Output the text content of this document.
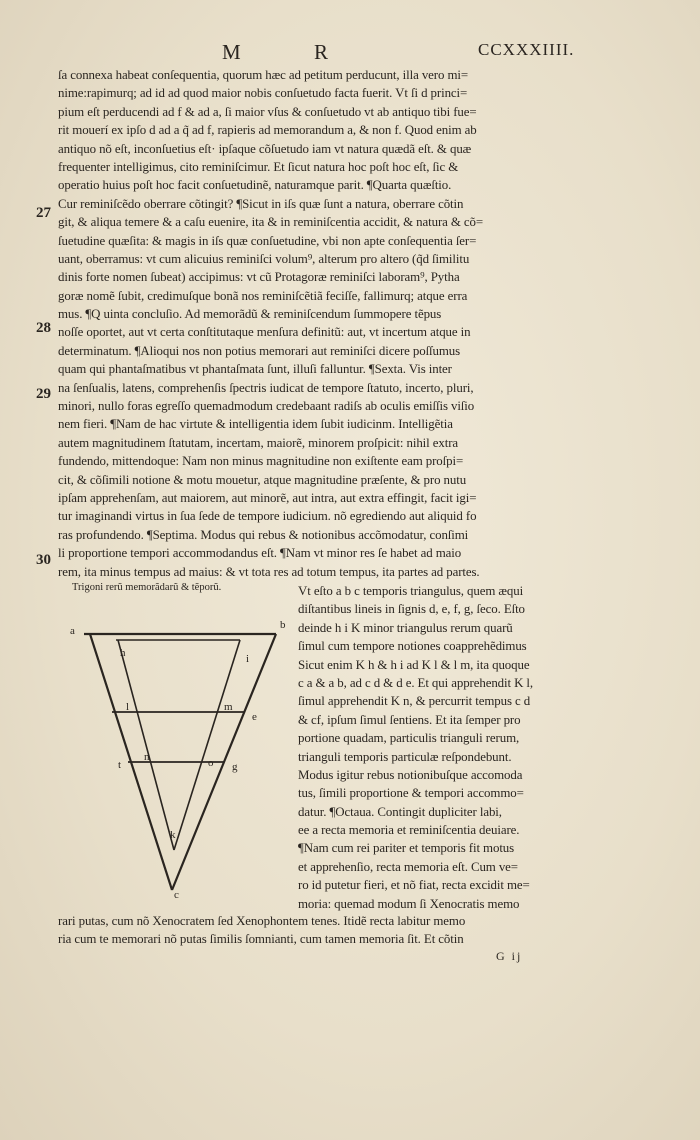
M	R	CCXXXIIII.
27
28
29
30
ſa connexa habeat conſequentia, quorum hæc ad petitum perducunt, illa vero mi=
nime:rapimurq; ad id ad quod maior nobis conſuetudo facta fuerit. Vt ſi d princi=
pium eſt perducendi ad f & ad a, ſi maior vſus & conſuetudo vt ab antiquo tibi fue=
rit mouerí ex ipſo d ad a q̃ ad f, rapieris ad memorandum a, & non f. Quod enim ab
antiquo nõ eſt, inconſuetius eſt· ipſaque cõſuetudo iam vt natura quædã eſt. & quæ
frequenter intelligimus, cito reminiſcimur. Et ſicut natura hoc poſt hoc eſt, ſic &
operatio huius poſt hoc facit conſuetudinẽ, naturamque parit. ¶Quarta quæſtio.
Cur reminiſcẽdo oberrare cõtingit? ¶Sicut in iſs quæ ſunt a natura, oberrare cõtin
git, & aliqua temere & a caſu euenire, ita & in reminiſcentia accidit, & natura & cõ=
ſuetudine quæſita: & magis in iſs quæ conſuetudine, vbi non apte conſequentia ſer=
uant, oberramus: vt cum alicuius reminiſci volum⁹, alterum pro altero (q̃d ſimilitu
dinis forte nomen ſubeat) accipimus: vt cũ Protagoræ reminiſci laboram⁹, Pytha
goræ nomẽ ſubit, credimuſque bonã nos reminiſcẽtiã feciſſe, fallimurq; atque erra
mus. ¶Q uinta concluſio. Ad memorãdũ & reminiſcendum ſummopere tẽpus
noſſe oportet, aut vt certa conſtitutaque menſura definitũ: aut, vt incertum atque in
determinatum. ¶Alioqui nos non potius memorari aut reminiſci dicere poſſumus
quam qui phantaſmatibus vt phantaſmata ſunt, illuſi falluntur. ¶Sexta. Vis inter
na ſenſualis, latens, comprehenſis ſpectris iudicat de tempore ſtatuto, incerto, pluri,
minori, nullo foras egreſſo quemadmodum credebaant radiſs ab oculis emiſſis viſio
nem fieri. ¶Nam de hac virtute & intelligentia idem ſubit iudicinm. Intelligẽtia
autem magnitudinem ſtatutam, incertam, maiorẽ, minorem proſpicit: nihil extra
fundendo, mittendoque: Nam non minus magnitudine non exiſtente eam proſpi=
cit, & cõſimili notione & motu mouetur, atque magnitudine præſente, & pro nutu
ipſam apprehenſam, aut maiorem, aut minorẽ, aut intra, aut extra effingit, facit igi=
tur imaginandi virtus in ſua ſede de tempore iudicium. nõ egrediendo aut aliquid fo
ras profundendo. ¶Septima. Modus qui rebus & notionibus accõmodatur, conſimi
li proportione tempori accommodandus eſt. ¶Nam vt minor res ſe habet ad maio
rem, ita minus tempus ad maius: & vt tota res ad totum tempus, ita partes ad partes.
Trigoni rerũ memorãdarũ & tẽporũ.
a	b
h	i
l	m
e
t
n	o g
k
c
Vt eſto a b c temporis triangulus, quem æqui
diſtantibus lineis in ſignis d, e, f, g, ſeco. Eſto
deinde h i K minor triangulus rerum quarũ
ſimul cum tempore notiones coapprehẽdimus
Sicut enim K h & h i ad K l & l m, ita quoque
c a & a b, ad c d & d e. Et qui apprehendit K l,
ſimul apprehendit K n, & percurrit tempus c d
& cf, ipſum ſimul ſentiens. Et ita ſemper pro
portione quadam, particulis trianguli rerum,
trianguli temporis particulæ reſpondebunt.
Modus igitur rebus notionibuſque accomoda
tus, ſimili proportione & tempori accommo=
datur. ¶Octaua. Contingit dupliciter labi,
ee a recta memoria et reminiſcentia deuiare.
¶Nam cum rei pariter et temporis fit motus
et apprehenſio, recta memoria eſt. Cum ve=
ro id putetur fieri, et nõ fiat, recta excidit me=
moria: quemad modum ſi Xenocratis memo
rari putas, cum nõ Xenocratem ſed Xenophontem tenes. Itidẽ recta labitur memo
ria cum te memorari nõ putas ſimilis ſomnianti, cum tamen memoria ſit. Et cõtin
G ij
